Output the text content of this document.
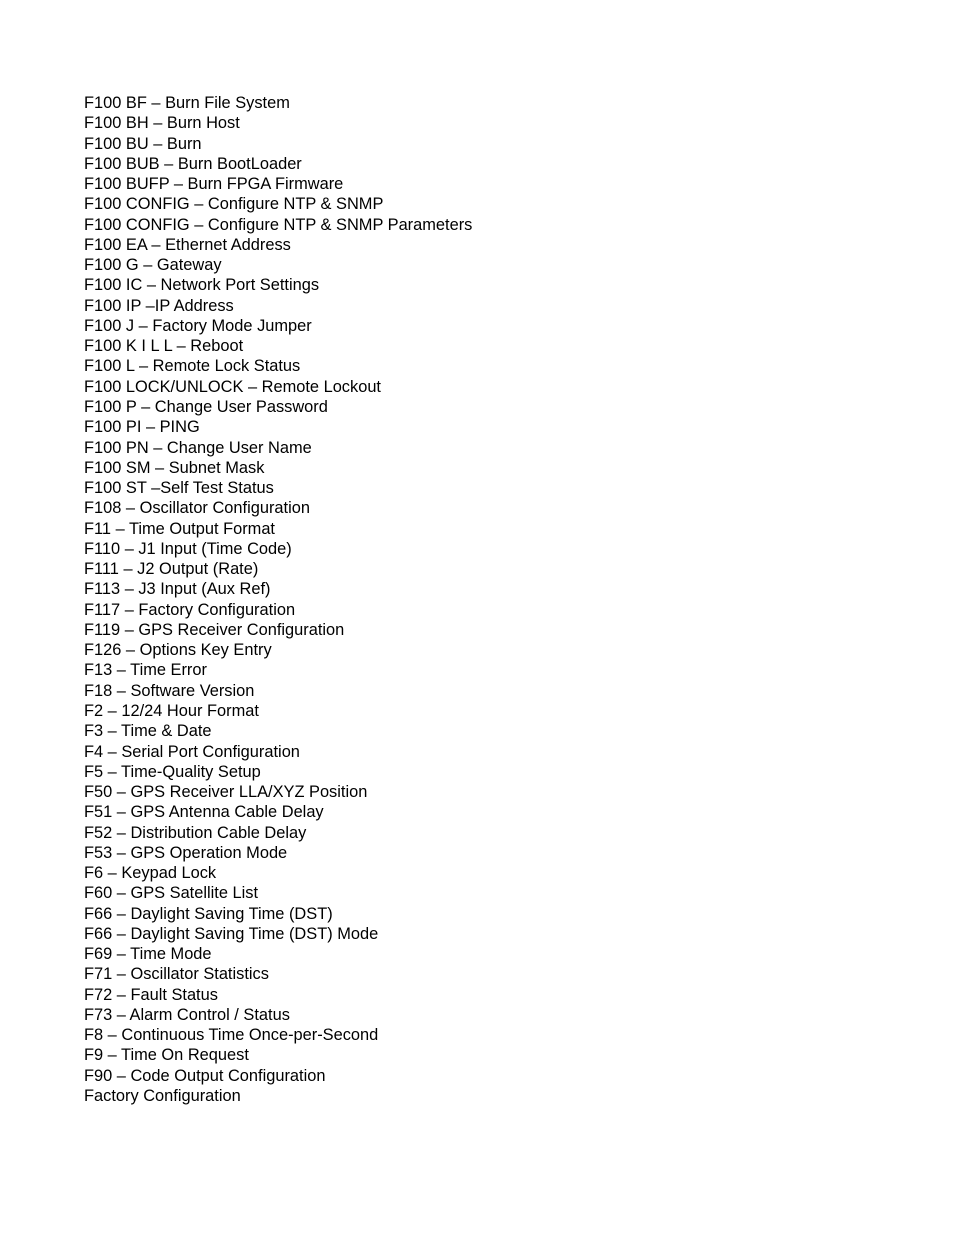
F100 BF – Burn File System
F100 BH – Burn Host
F100 BU – Burn
F100 BUB – Burn BootLoader
F100 BUFP – Burn FPGA Firmware
F100 CONFIG – Configure NTP & SNMP
F100 CONFIG – Configure NTP & SNMP Parameters
F100 EA – Ethernet Address
F100 G – Gateway
F100 IC – Network Port Settings
F100 IP –IP Address
F100 J – Factory Mode Jumper
F100 K I L L – Reboot
F100 L – Remote Lock Status
F100 LOCK/UNLOCK – Remote Lockout
F100 P – Change User Password
F100 PI – PING
F100 PN – Change User Name
F100 SM – Subnet Mask
F100 ST –Self Test Status
F108 – Oscillator Configuration
F11 – Time Output Format
F110 – J1 Input (Time Code)
F111 – J2 Output (Rate)
F113 – J3 Input (Aux Ref)
F117 – Factory Configuration
F119 – GPS Receiver Configuration
F126 – Options Key Entry
F13 – Time Error
F18 – Software Version
F2 – 12/24 Hour Format
F3 – Time & Date
F4 – Serial Port Configuration
F5 – Time-Quality Setup
F50 – GPS Receiver LLA/XYZ Position
F51 – GPS Antenna Cable Delay
F52 – Distribution Cable Delay
F53 – GPS Operation Mode
F6 – Keypad Lock
F60 – GPS Satellite List
F66 – Daylight Saving Time (DST)
F66 – Daylight Saving Time (DST) Mode
F69 – Time Mode
F71 – Oscillator Statistics
F72 – Fault Status
F73 – Alarm Control / Status
F8 – Continuous Time Once-per-Second
F9 – Time On Request
F90 – Code Output Configuration
Factory Configuration
